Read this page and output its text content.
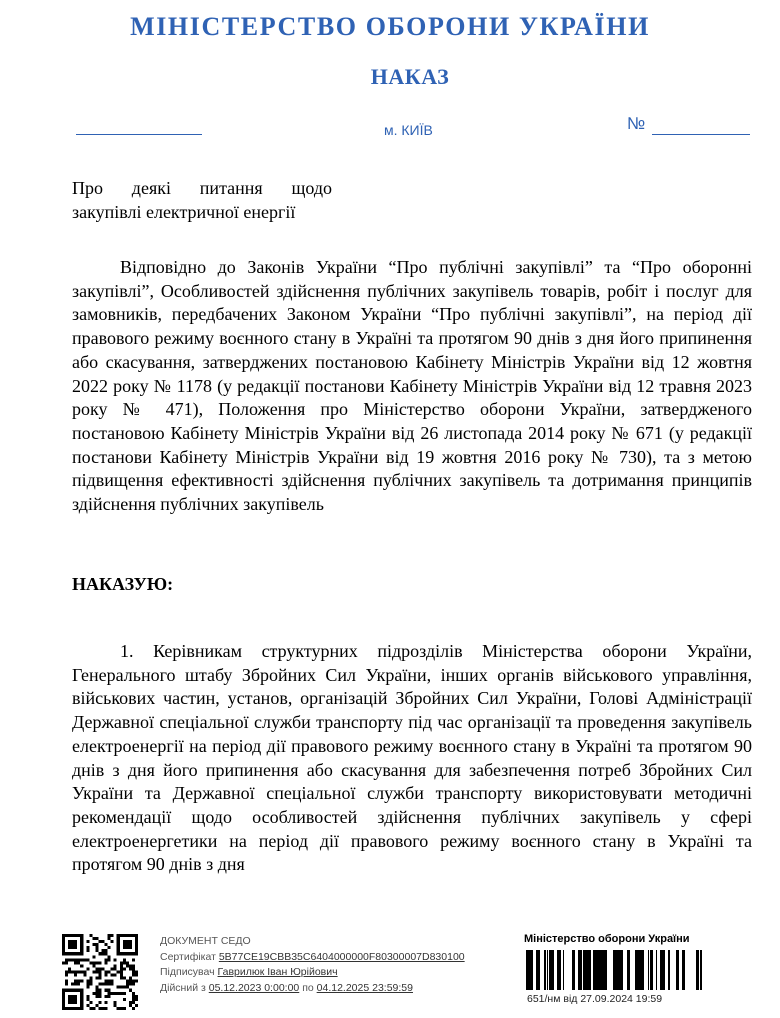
МІНІСТЕРСТВО ОБОРОНИ УКРАЇНИ
НАКАЗ
м. КИЇВ	№
Про деякі питання щодо
закупівлі електричної енергії
Відповідно до Законів України “Про публічні закупівлі” та “Про оборонні закупівлі”, Особливостей здійснення публічних закупівель товарів, робіт і послуг для замовників, передбачених Законом України “Про публічні закупівлі”, на період дії правового режиму воєнного стану в Україні та протягом 90 днів з дня його припинення або скасування, затверджених постановою Кабінету Міністрів України від 12 жовтня 2022 року № 1178 (у редакції постанови Кабінету Міністрів України від 12 травня 2023 року № 471), Положення про Міністерство оборони України, затвердженого постановою Кабінету Міністрів України від 26 листопада 2014 року № 671 (у редакції постанови Кабінету Міністрів України від 19 жовтня 2016 року № 730), та з метою підвищення ефективності здійснення публічних закупівель та дотримання принципів здійснення публічних закупівель
НАКАЗУЮ:
1. Керівникам структурних підрозділів Міністерства оборони України, Генерального штабу Збройних Сил України, інших органів військового управління, військових частин, установ, організацій Збройних Сил України, Голові Адміністрації Державної спеціальної служби транспорту під час організації та проведення закупівель електроенергії на період дії правового режиму воєнного стану в Україні та протягом 90 днів з дня його припинення або скасування для забезпечення потреб Збройних Сил України та Державної спеціальної служби транспорту використовувати методичні рекомендації щодо особливостей здійснення публічних закупівель у сфері електроенергетики на період дії правового режиму воєнного стану в Україні та протягом 90 днів з дня
ДОКУМЕНТ СЕДО
Сертифікат 5B77CE19CBB35C6404000000F80300007D830100
Підписувач Гаврилюк Іван Юрійович
Дійсний з 05.12.2023 0:00:00 по 04.12.2025 23:59:59
Міністерство оборони України
651/нм від 27.09.2024 19:59
